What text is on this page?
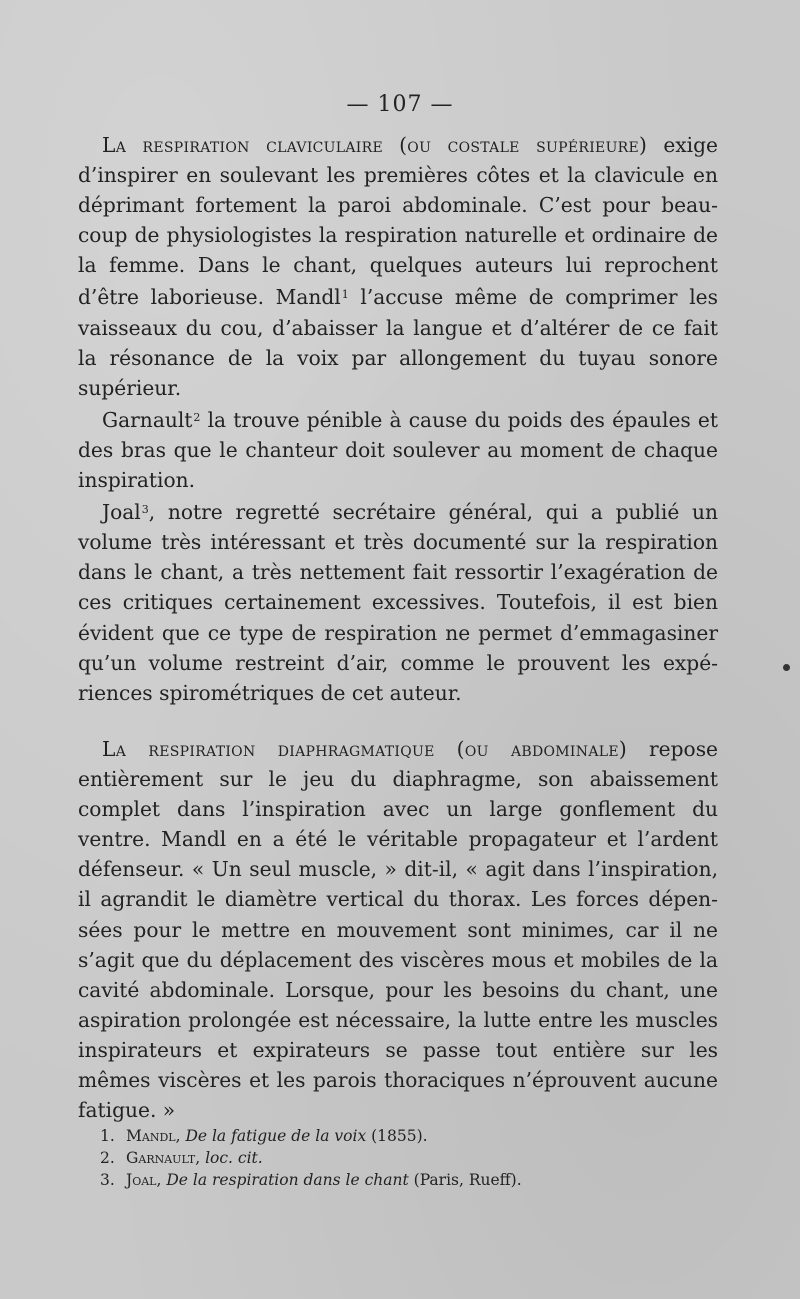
— 107 —

La respiration claviculaire (ou costale supérieure) exige d’inspirer en soulevant les premières côtes et la clavicule en déprimant fortement la paroi abdominale. C’est pour beaucoup de physiologistes la respiration naturelle et ordinaire de la femme. Dans le chant, quelques auteurs lui reprochent d’être laborieuse. Mandl$^1$ l’accuse même de comprimer les vaisseaux du cou, d’abaisser la langue et d’altérer de ce fait la résonance de la voix par allongement du tuyau sonore supérieur.

Garnault$^2$ la trouve pénible à cause du poids des épaules et des bras que le chanteur doit soulever au moment de chaque inspiration.

Joal$^3$, notre regretté secrétaire général, qui a publié un volume très intéressant et très documenté sur la respiration dans le chant, a très nettement fait ressortir l’exagération de ces critiques certainement excessives. Toutefois, il est bien évident que ce type de respiration ne permet d’emmagasiner qu’un volume restreint d’air, comme le prouvent les expériences spirométriques de cet auteur.

La respiration diaphragmatique (ou abdominale) repose entièrement sur le jeu du diaphragme, son abaissement complet dans l’inspiration avec un large gonflement du ventre. Mandl en a été le véritable propagateur et l’ardent défenseur. « Un seul muscle, » dit-il, « agit dans l’inspiration, il agrandit le diamètre vertical du thorax. Les forces dépensées pour le mettre en mouvement sont minimes, car il ne s’agit que du déplacement des viscères mous et mobiles de la cavité abdominale. Lorsque, pour les besoins du chant, une aspiration prolongée est nécessaire, la lutte entre les muscles inspirateurs et expirateurs se passe tout entière sur les mêmes viscères et les parois thoraciques n’éprouvent aucune fatigue. »

1. Mandl, De la fatigue de la voix (1855).
2. Garnault, loc. cit.
3. Joal, De la respiration dans le chant (Paris, Rueff).
